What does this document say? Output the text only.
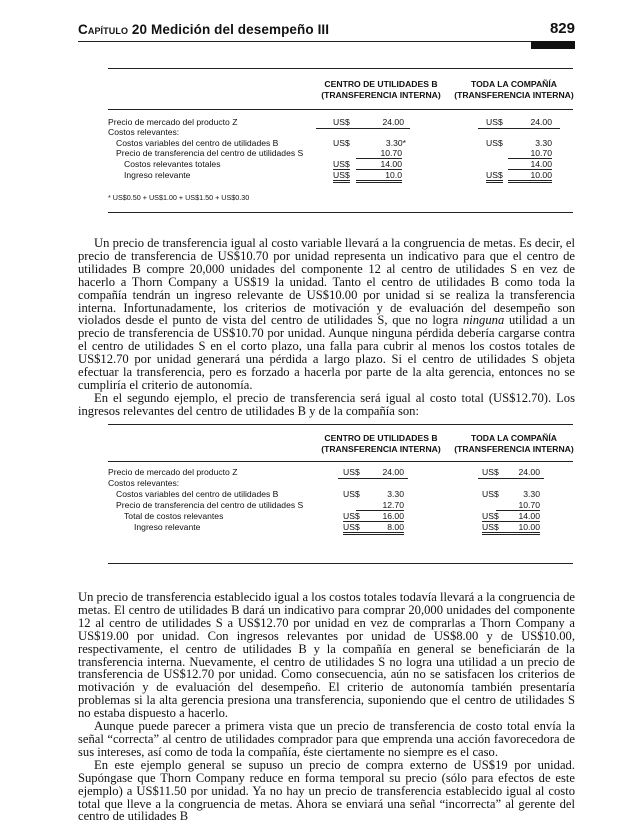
Capítulo 20 Medición del desempeño III	829
CENTRO DE UTILIDADES B
(TRANSFERENCIA INTERNA)
TODA LA COMPAÑÍA
(TRANSFERENCIA INTERNA)
Precio de mercado del producto Z	US$	24.00	US$	24.00
Costos relevantes:
Costos variables del centro de utilidades B	US$	3.30*	US$	3.30
Precio de transferencia del centro de utilidades S	10.70	10.70
Costos relevantes totales	US$	14.00	14.00
Ingreso relevante	US$	10.0	US$	10.00
* US$0.50 + US$1.00 + US$1.50 + US$0.30

Un precio de transferencia igual al costo variable llevará a la congruencia de metas. Es decir, el precio de transferencia de US$10.70 por unidad representa un indicativo para que el centro de utilidades B compre 20,000 unidades del componente 12 al centro de utilidades S en vez de hacerlo a Thorn Company a US$19 la unidad. Tanto el centro de utilidades B como toda la compañía tendrán un ingreso relevante de US$10.00 por unidad si se realiza la transferencia interna. Infortunadamente, los criterios de motivación y de evaluación del desempeño son violados desde el punto de vista del centro de utilidades S, que no logra ninguna utilidad a un precio de transferencia de US$10.70 por unidad. Aunque ninguna pérdida debería cargarse contra el centro de utilidades S en el corto plazo, una falla para cubrir al menos los costos totales de US$12.70 por unidad generará una pérdida a largo plazo. Si el centro de utilidades S objeta efectuar la transferencia, pero es forzado a hacerla por parte de la alta gerencia, entonces no se cumpliría el criterio de autonomía.

En el segundo ejemplo, el precio de transferencia será igual al costo total (US$12.70). Los ingresos relevantes del centro de utilidades B y de la compañía son:

CENTRO DE UTILIDADES B
(TRANSFERENCIA INTERNA)
TODA LA COMPAÑÍA
(TRANSFERENCIA INTERNA)
Precio de mercado del producto Z	US$	24.00	US$	24.00
Costos relevantes:
Costos variables del centro de utilidades B	US$	3.30	US$	3.30
Precio de transferencia del centro de utilidades S	12.70	10.70
Total de costos relevantes	US$	16.00	US$	14.00
Ingreso relevante	US$	8.00	US$	10.00

Un precio de transferencia establecido igual a los costos totales todavía llevará a la congruencia de metas. El centro de utilidades B dará un indicativo para comprar 20,000 unidades del componente 12 al centro de utilidades S a US$12.70 por unidad en vez de comprarlas a Thorn Company a US$19.00 por unidad. Con ingresos relevantes por unidad de US$8.00 y de US$10.00, respectivamente, el centro de utilidades B y la compañía en general se beneficiarán de la transferencia interna. Nuevamente, el centro de utilidades S no logra una utilidad a un precio de transferencia de US$12.70 por unidad. Como consecuencia, aún no se satisfacen los criterios de motivación y de evaluación del desempeño. El criterio de autonomía también presentaría problemas si la alta gerencia presiona una transferencia, suponiendo que el centro de utilidades S no estaba dispuesto a hacerlo.

Aunque puede parecer a primera vista que un precio de transferencia de costo total envía la señal “correcta” al centro de utilidades comprador para que emprenda una acción favorecedora de sus intereses, así como de toda la compañía, éste ciertamente no siempre es el caso.

En este ejemplo general se supuso un precio de compra externo de US$19 por unidad. Supóngase que Thorn Company reduce en forma temporal su precio (sólo para efectos de este ejemplo) a US$11.50 por unidad. Ya no hay un precio de transferencia establecido igual al costo total que lleve a la congruencia de metas. Ahora se enviará una señal “incorrecta” al gerente del centro de utilidades B
